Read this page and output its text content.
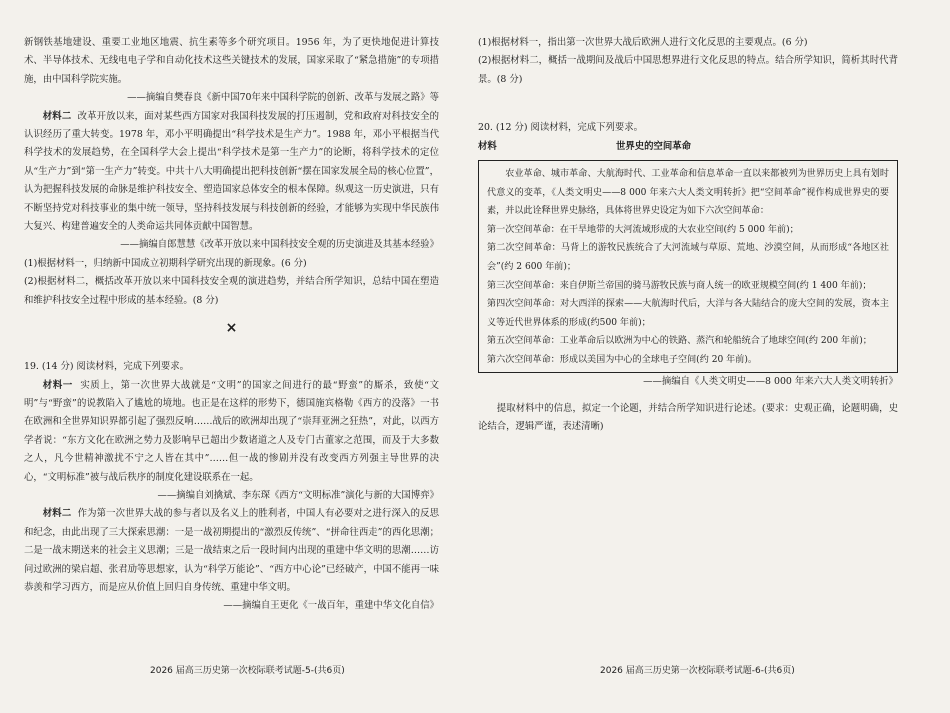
新钢铁基地建设、重要工业地区地震、抗生素等多个研究项目。1956 年，为了更快地促进计算技术、半导体技术、无线电电子学和自动化技术这些关键技术的发展，国家采取了“紧急措施”的专项措施，由中国科学院实施。

——摘编自樊春良《新中国70年来中国科学院的创新、改革与发展之路》等

材料二 改革开放以来，面对某些西方国家对我国科技发展的打压遏制，党和政府对科技安全的认识经历了重大转变。1978 年，邓小平明确提出“科学技术是生产力”。1988 年，邓小平根据当代科学技术的发展趋势，在全国科学大会上提出“科学技术是第一生产力”的论断，将科学技术的定位从“生产力”到“第一生产力”转变。中共十八大明确提出把科技创新“摆在国家发展全局的核心位置”，认为把握科技发展的命脉是维护科技安全、塑造国家总体安全的根本保障。纵观这一历史演进，只有不断坚持党对科技事业的集中统一领导，坚持科技发展与科技创新的经验，才能够为实现中华民族伟大复兴、构建普遍安全的人类命运共同体贡献中国智慧。

——摘编自郎慧慧《改革开放以来中国科技安全观的历史演进及其基本经验》

(1)根据材料一，归纳新中国成立初期科学研究出现的新现象。(6 分)

(2)根据材料二，概括改革开放以来中国科技安全观的演进趋势，并结合所学知识，总结中国在塑造和维护科技安全过程中形成的基本经验。(8 分)

×

19. (14 分) 阅读材料，完成下列要求。

材料一 实质上，第一次世界大战就是“文明”的国家之间进行的最“野蛮”的厮杀，致使“文明”与“野蛮”的说教陷入了尴尬的境地。也正是在这样的形势下，德国施宾格勒《西方的没落》一书在欧洲和全世界知识界都引起了强烈反响……战后的欧洲却出现了“崇拜亚洲之狂热”，对此，以西方学者说：“东方文化在欧洲之势力及影响早已超出少数诸道之人及专门古董家之范围，而及于大多数之人，凡今世精神激扰不宁之人皆在其中”……但一战的惨剧并没有改变西方列强主导世界的决心，“文明标准”被与战后秩序的制度化建设联系在一起。

——摘编自刘擒斌、李东琛《西方“文明标准”演化与新的大国博弈》

材料二 作为第一次世界大战的参与者以及名义上的胜利者，中国人有必要对之进行深入的反思和纪念，由此出现了三大探索思潮：一是一战初期提出的“激烈反传统”、“拼命往西走”的西化思潮；二是一战末期送来的社会主义思潮；三是一战结束之后一段时间内出现的重建中华文明的思潮……访问过欧洲的梁启超、张君劢等思想家，认为“科学万能论”、“西方中心论”已经破产，中国不能再一味恭羡和学习西方，而是应从价值上回归自身传统、重建中华文明。

——摘编自王更化《一战百年，重建中华文化自信》

(1)根据材料一，指出第一次世界大战后欧洲人进行文化反思的主要观点。(6 分)

(2)根据材料二，概括一战期间及战后中国思想界进行文化反思的特点。结合所学知识，简析其时代背景。(8 分)

20. (12 分) 阅读材料，完成下列要求。

材料	世界史的空间革命

农业革命、城市革命、大航海时代、工业革命和信息革命一直以来都被列为世界历史上具有划时代意义的变革，《人类文明史——8 000 年来六大人类文明转折》把“空间革命”视作构成世界史的要素，并以此诠释世界史脉络，具体将世界史设定为如下六次空间革命：

第一次空间革命：在干旱地带的大河流域形成的大农业空间(约 5 000 年前)；

第二次空间革命：马背上的游牧民族统合了大河流域与草原、荒地、沙漠空间，从而形成“各地区社会”(约 2 600 年前)；

第三次空间革命：来自伊斯兰帝国的骑马游牧民族与商人统一的欧亚规模空间(约 1 400 年前)；

第四次空间革命：对大西洋的探索——大航海时代后，大洋与各大陆结合的庞大空间的发展，资本主义等近代世界体系的形成(约500 年前)；

第五次空间革命：工业革命后以欧洲为中心的铁路、蒸汽和轮船统合了地球空间(约 200 年前)；

第六次空间革命：形成以美国为中心的全球电子空间(约 20 年前)。

——摘编自《人类文明史——8 000 年来六大人类文明转折》

提取材料中的信息，拟定一个论题，并结合所学知识进行论述。(要求：史观正确，论题明确，史论结合，逻辑严谨，表述清晰)

2026 届高三历史第一次校际联考试题-5-(共6页)	2026 届高三历史第一次校际联考试题-6-(共6页)
